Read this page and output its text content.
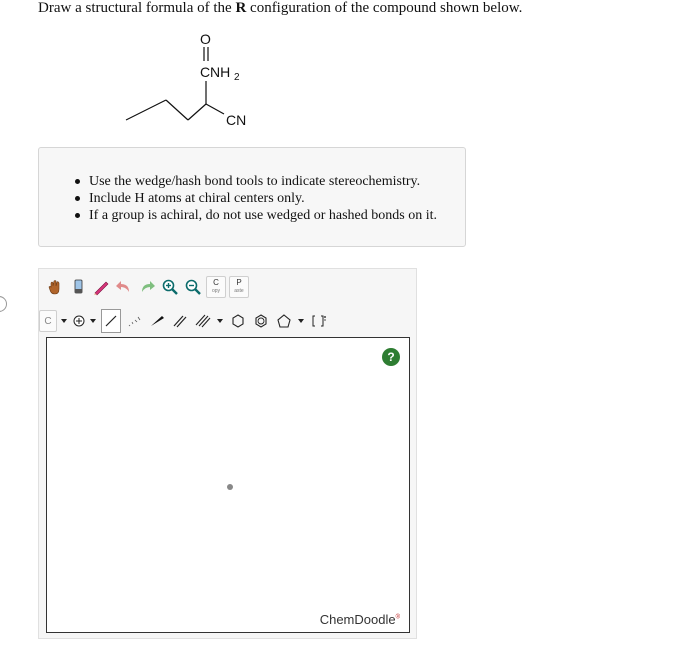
Draw a structural formula of the R configuration of the compound shown below.
O
C NH 2
CN
Use the wedge/hash bond tools to indicate stereochemistry.
Include H atoms at chiral centers only.
If a group is achiral, do not use wedged or hashed bonds on it.
C
opy
P
aste
C
?
ChemDoodle®
